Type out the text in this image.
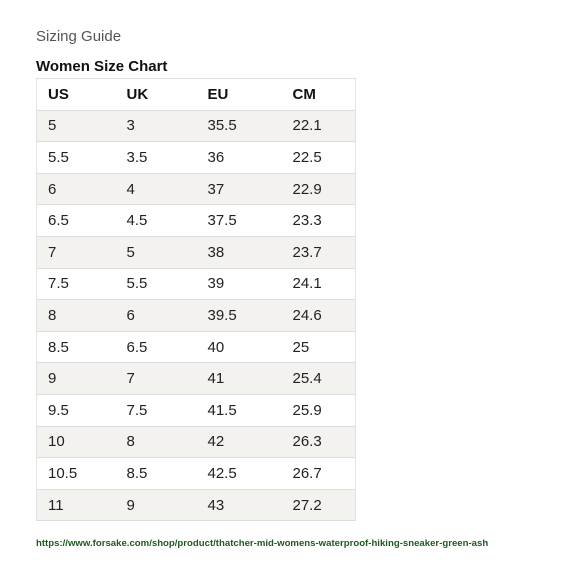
Sizing Guide
Women Size Chart
US	UK	EU	CM
5	3	35.5	22.1
5.5	3.5	36	22.5
6	4	37	22.9
6.5	4.5	37.5	23.3
7	5	38	23.7
7.5	5.5	39	24.1
8	6	39.5	24.6
8.5	6.5	40	25
9	7	41	25.4
9.5	7.5	41.5	25.9
10	8	42	26.3
10.5	8.5	42.5	26.7
11	9	43	27.2

https://www.forsake.com/shop/product/thatcher-mid-womens-waterproof-hiking-sneaker-green-ash
